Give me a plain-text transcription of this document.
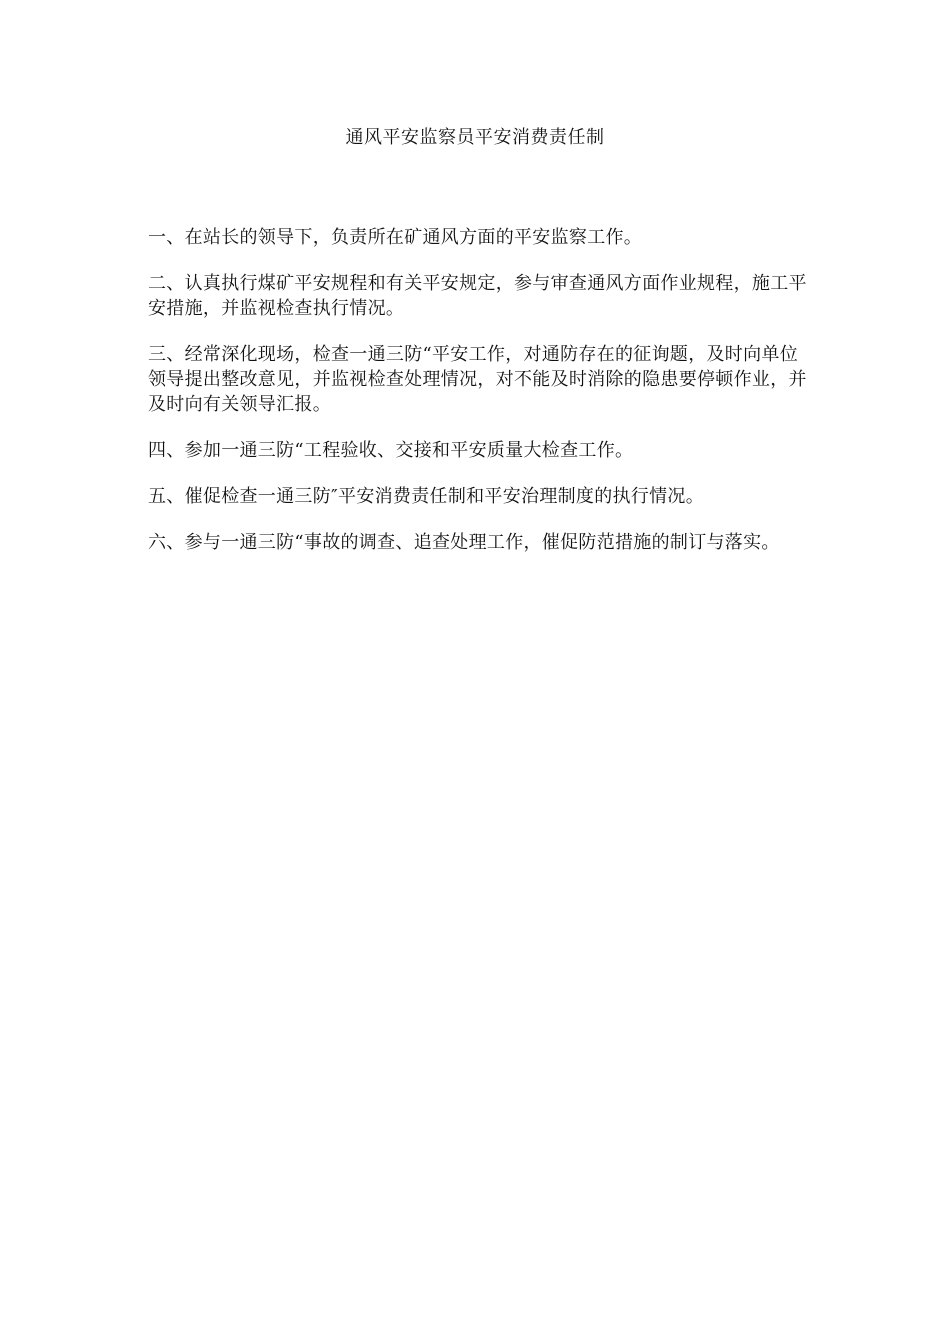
通风平安监察员平安消费责任制

一、在站长的领导下，负责所在矿通风方面的平安监察工作。

二、认真执行煤矿平安规程和有关平安规定，参与审查通风方面作业规程，施工平安措施，并监视检查执行情况。

三、经常深化现场，检查一通三防“平安工作，对通防存在的征询题，及时向单位领导提出整改意见，并监视检查处理情况，对不能及时消除的隐患要停顿作业，并及时向有关领导汇报。

四、参加一通三防“工程验收、交接和平安质量大检查工作。

五、催促检查一通三防″平安消费责任制和平安治理制度的执行情况。

六、参与一通三防“事故的调查、追查处理工作，催促防范措施的制订与落实。
